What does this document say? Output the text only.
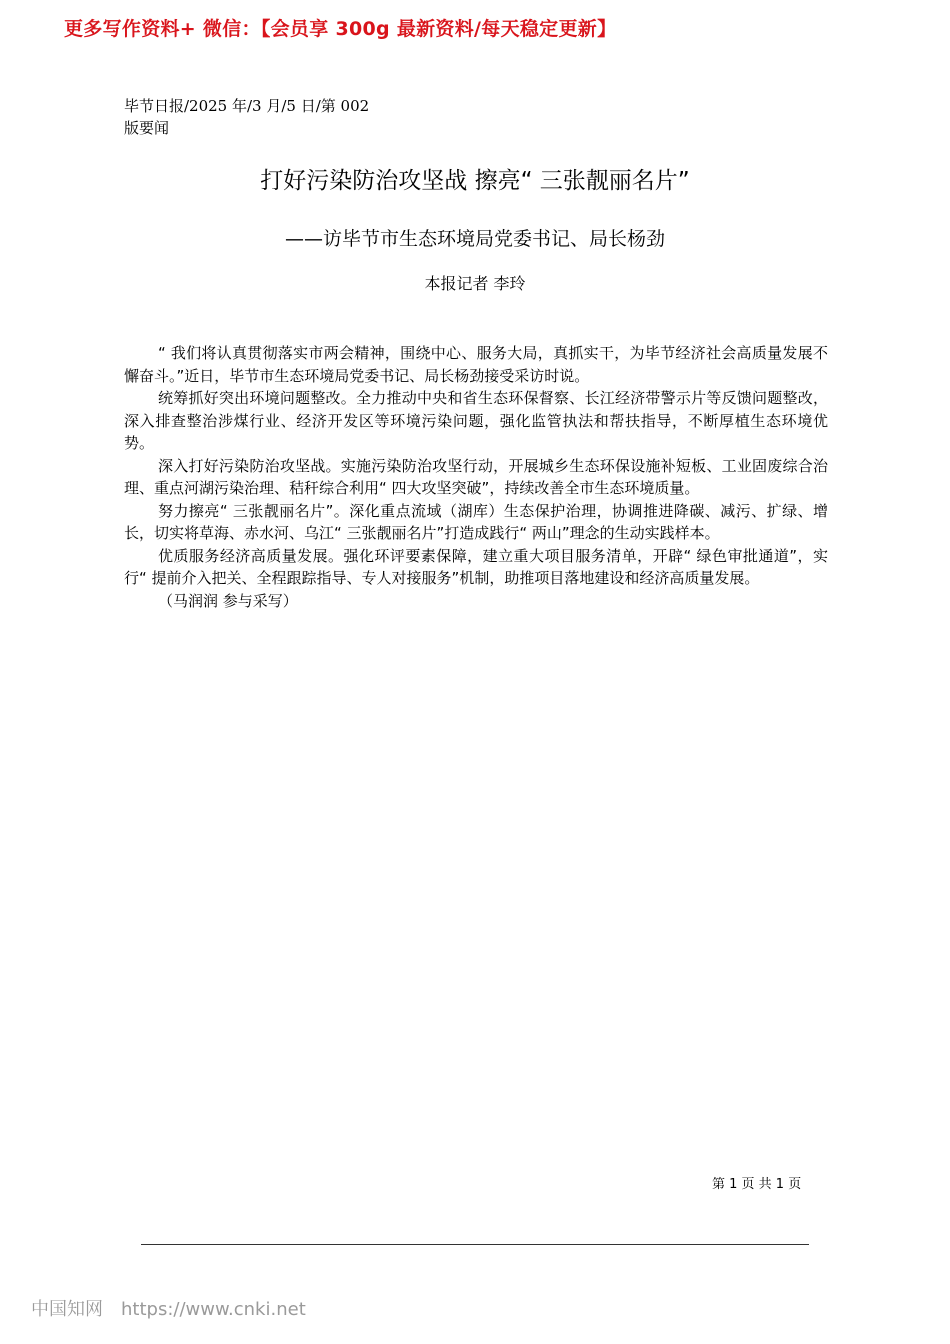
更多写作资料+ 微信：【会员享 300g 最新资料/每天稳定更新】
毕节日报/2025 年/3 月/5 日/第 002
版要闻
打好污染防治攻坚战 擦亮“ 三张靓丽名片”
——访毕节市生态环境局党委书记、局长杨劲
本报记者 李玲

“ 我们将认真贯彻落实市两会精神，围绕中心、服务大局，真抓实干，为毕节经济社会高质量发展不懈奋斗。”近日，毕节市生态环境局党委书记、局长杨劲接受采访时说。

统筹抓好突出环境问题整改。全力推动中央和省生态环保督察、长江经济带警示片等反馈问题整改，深入排查整治涉煤行业、经济开发区等环境污染问题，强化监管执法和帮扶指导，不断厚植生态环境优势。

深入打好污染防治攻坚战。实施污染防治攻坚行动，开展城乡生态环保设施补短板、工业固废综合治理、重点河湖污染治理、秸秆综合利用“ 四大攻坚突破”，持续改善全市生态环境质量。

努力擦亮“ 三张靓丽名片”。深化重点流域（湖库）生态保护治理，协调推进降碳、减污、扩绿、增长，切实将草海、赤水河、乌江“ 三张靓丽名片”打造成践行“ 两山”理念的生动实践样本。

优质服务经济高质量发展。强化环评要素保障，建立重大项目服务清单，开辟“ 绿色审批通道”，实行“ 提前介入把关、全程跟踪指导、专人对接服务”机制，助推项目落地建设和经济高质量发展。

（马润润 参与采写）

第 1 页 共 1 页
中国知网 https://www.cnki.net
